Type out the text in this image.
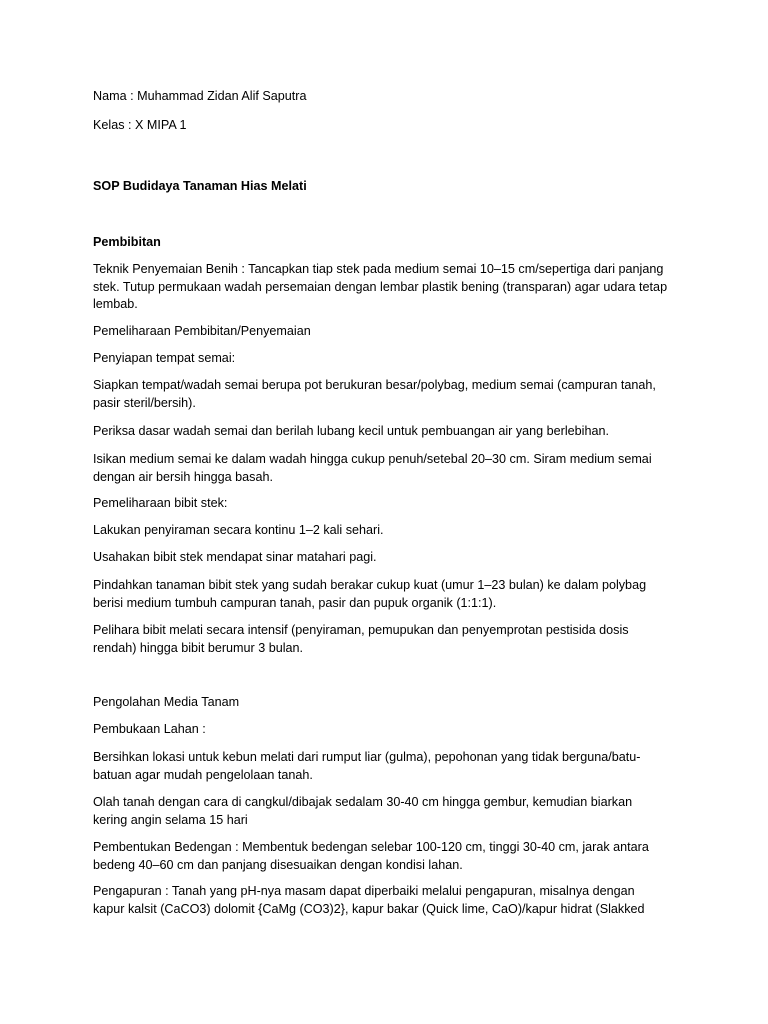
Nama : Muhammad Zidan Alif Saputra
Kelas : X MIPA 1
SOP Budidaya Tanaman Hias Melati
Pembibitan
Teknik Penyemaian Benih : Tancapkan tiap stek pada medium semai 10–15 cm/sepertiga dari panjang stek. Tutup permukaan wadah persemaian dengan lembar plastik bening (transparan) agar udara tetap lembab.
Pemeliharaan Pembibitan/Penyemaian
Penyiapan tempat semai:
Siapkan tempat/wadah semai berupa pot berukuran besar/polybag, medium semai (campuran tanah, pasir steril/bersih).
Periksa dasar wadah semai dan berilah lubang kecil untuk pembuangan air yang berlebihan.
Isikan medium semai ke dalam wadah hingga cukup penuh/setebal 20–30 cm. Siram medium semai dengan air bersih hingga basah.
Pemeliharaan bibit stek:
Lakukan penyiraman secara kontinu 1–2 kali sehari.
Usahakan bibit stek mendapat sinar matahari pagi.
Pindahkan tanaman bibit stek yang sudah berakar cukup kuat (umur 1–23 bulan) ke dalam polybag berisi medium tumbuh campuran tanah, pasir dan pupuk organik (1:1:1).
Pelihara bibit melati secara intensif (penyiraman, pemupukan dan penyemprotan pestisida dosis rendah) hingga bibit berumur 3 bulan.
Pengolahan Media Tanam
Pembukaan Lahan :
Bersihkan lokasi untuk kebun melati dari rumput liar (gulma), pepohonan yang tidak berguna/batu-batuan agar mudah pengelolaan tanah.
Olah tanah dengan cara di cangkul/dibajak sedalam 30-40 cm hingga gembur, kemudian biarkan kering angin selama 15 hari
Pembentukan Bedengan : Membentuk bedengan selebar 100-120 cm, tinggi 30-40 cm, jarak antara bedeng 40–60 cm dan panjang disesuaikan dengan kondisi lahan.
Pengapuran : Tanah yang pH-nya masam dapat diperbaiki melalui pengapuran, misalnya dengan kapur kalsit (CaCO3) dolomit {CaMg (CO3)2}, kapur bakar (Quick lime, CaO)/kapur hidrat (Slakked
